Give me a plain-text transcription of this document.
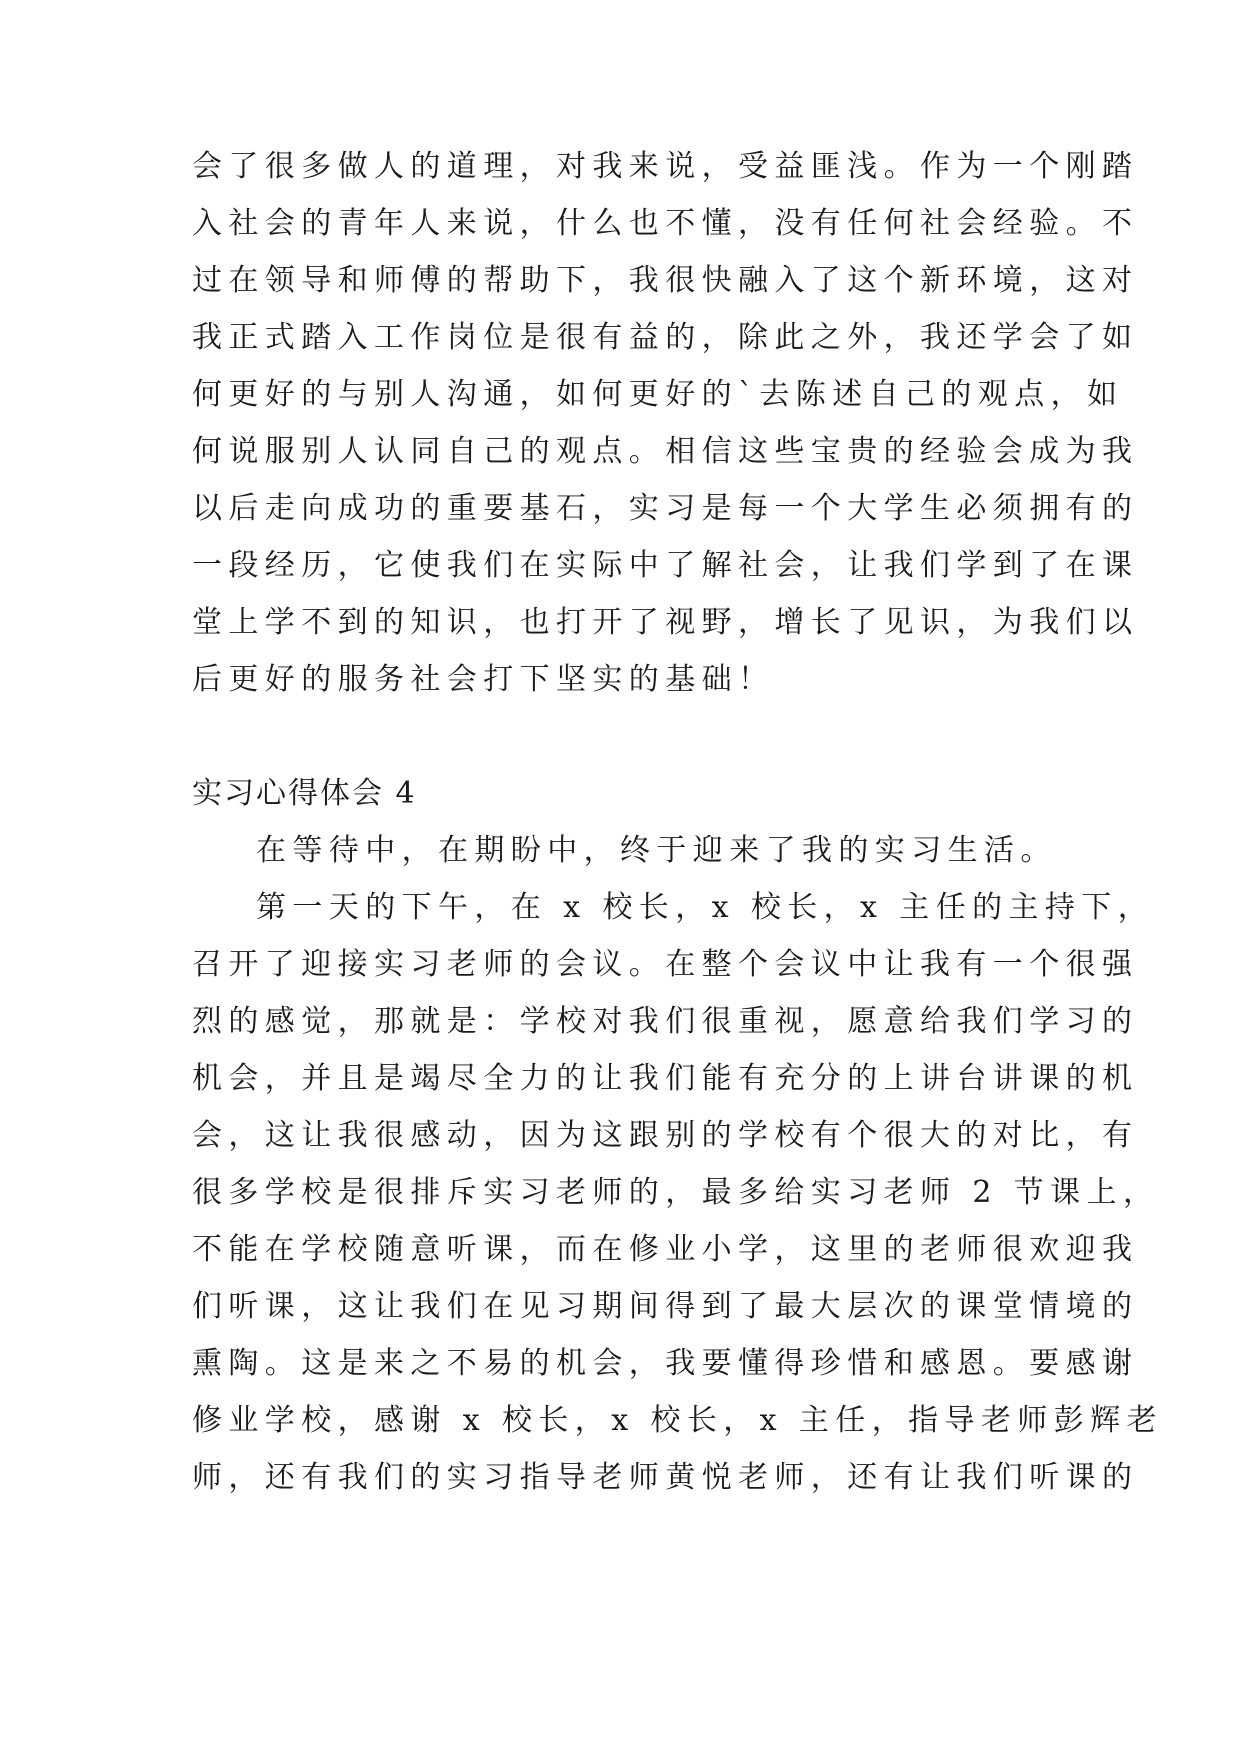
会了很多做人的道理，对我来说，受益匪浅。作为一个刚踏

入社会的青年人来说，什么也不懂，没有任何社会经验。不

过在领导和师傅的帮助下，我很快融入了这个新环境，这对

我正式踏入工作岗位是很有益的，除此之外，我还学会了如

何更好的与别人沟通，如何更好的`去陈述自己的观点，如

何说服别人认同自己的观点。相信这些宝贵的经验会成为我

以后走向成功的重要基石，实习是每一个大学生必须拥有的

一段经历，它使我们在实际中了解社会，让我们学到了在课

堂上学不到的知识，也打开了视野，增长了见识，为我们以

后更好的服务社会打下坚实的基础！

实习心得体会 4

在等待中，在期盼中，终于迎来了我的实习生活。

第一天的下午，在 x 校长，x 校长，x 主任的主持下，

召开了迎接实习老师的会议。在整个会议中让我有一个很强

烈的感觉，那就是：学校对我们很重视，愿意给我们学习的

机会，并且是竭尽全力的让我们能有充分的上讲台讲课的机

会，这让我很感动，因为这跟别的学校有个很大的对比，有

很多学校是很排斥实习老师的，最多给实习老师 2 节课上，

不能在学校随意听课，而在修业小学，这里的老师很欢迎我

们听课，这让我们在见习期间得到了最大层次的课堂情境的

熏陶。这是来之不易的机会，我要懂得珍惜和感恩。要感谢

修业学校，感谢 x 校长，x 校长，x 主任，指导老师彭辉老

师，还有我们的实习指导老师黄悦老师，还有让我们听课的
